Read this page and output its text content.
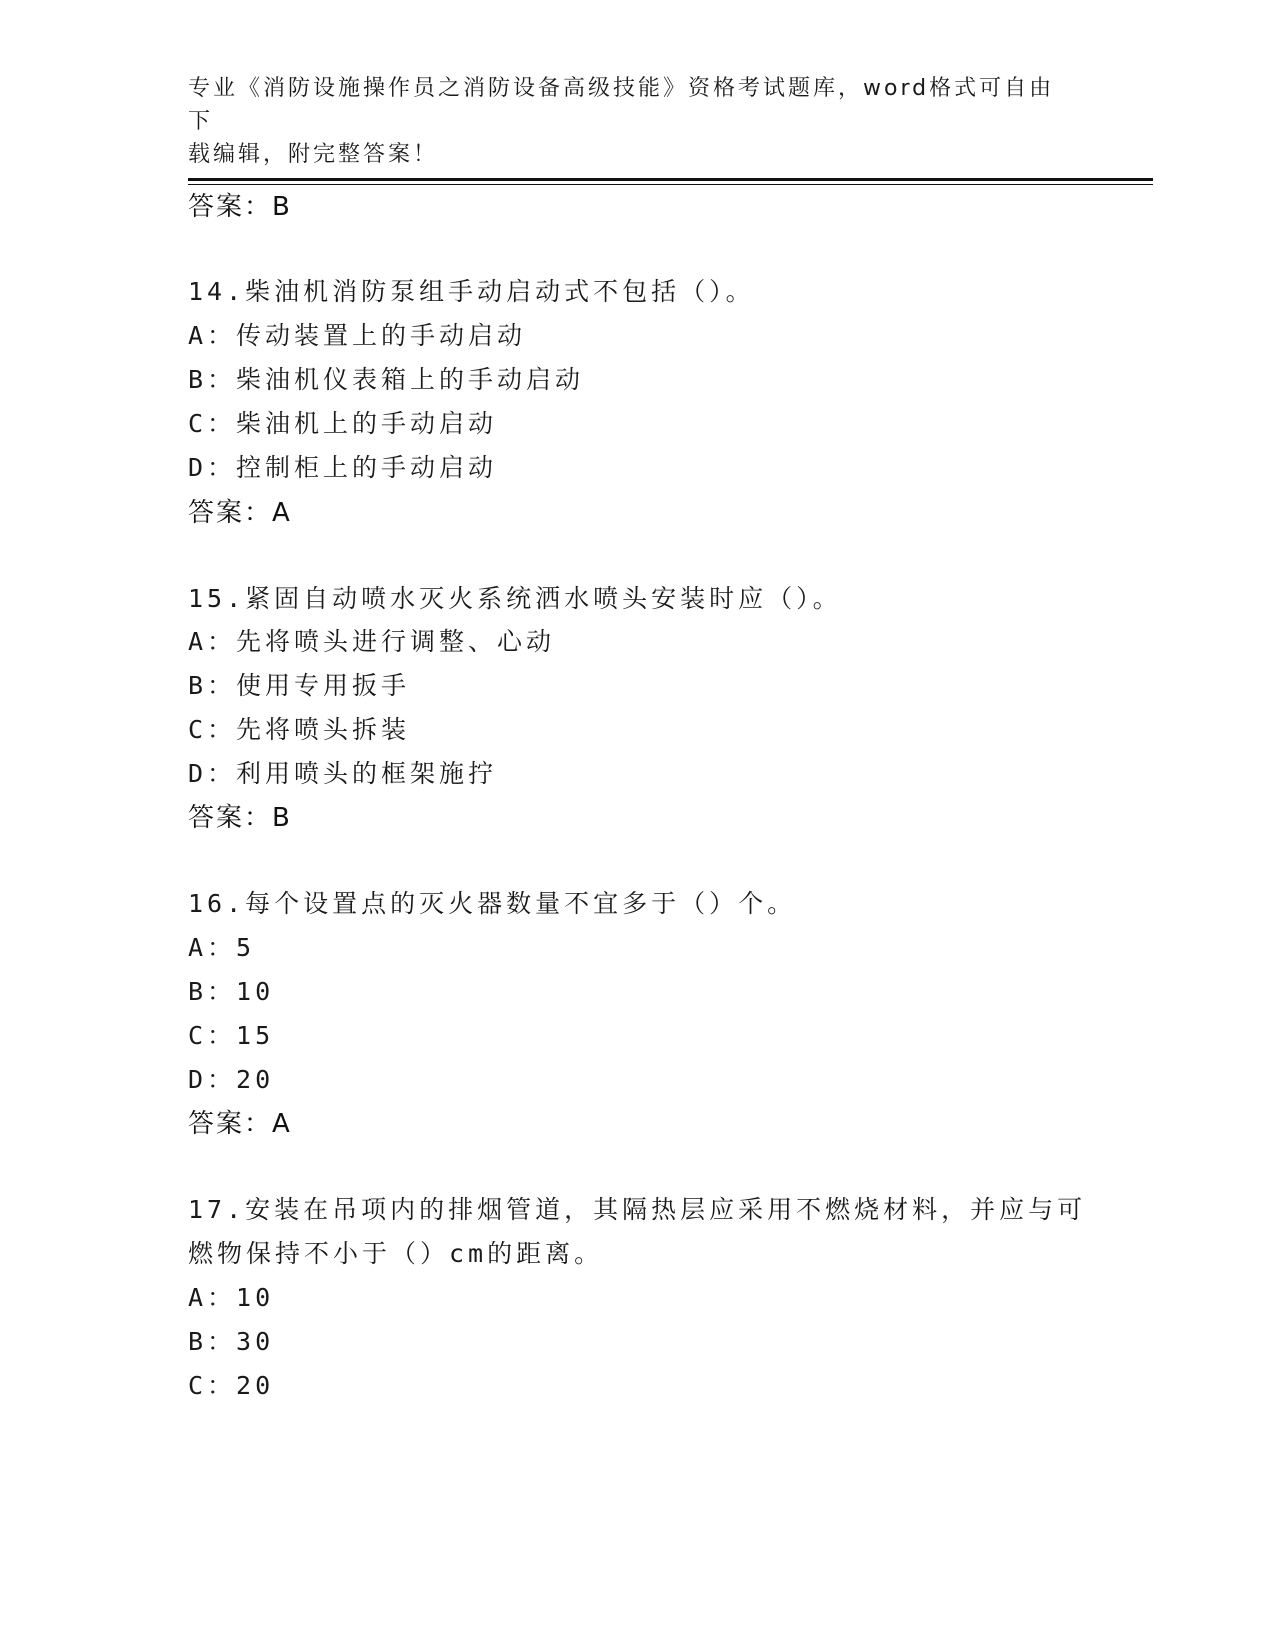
专业《消防设施操作员之消防设备高级技能》资格考试题库，word格式可自由下
载编辑，附完整答案！
答案：B
14.柴油机消防泵组手动启动式不包括（）。
A：传动装置上的手动启动
B：柴油机仪表箱上的手动启动
C：柴油机上的手动启动
D：控制柜上的手动启动
答案：A
15.紧固自动喷水灭火系统洒水喷头安装时应（）。
A：先将喷头进行调整、心动
B：使用专用扳手
C：先将喷头拆装
D：利用喷头的框架施拧
答案：B
16.每个设置点的灭火器数量不宜多于（）个。
A：5
B：10
C：15
D：20
答案：A
17.安装在吊项内的排烟管道，其隔热层应采用不燃烧材料，并应与可
燃物保持不小于（）cm的距离。
A：10
B：30
C：20
